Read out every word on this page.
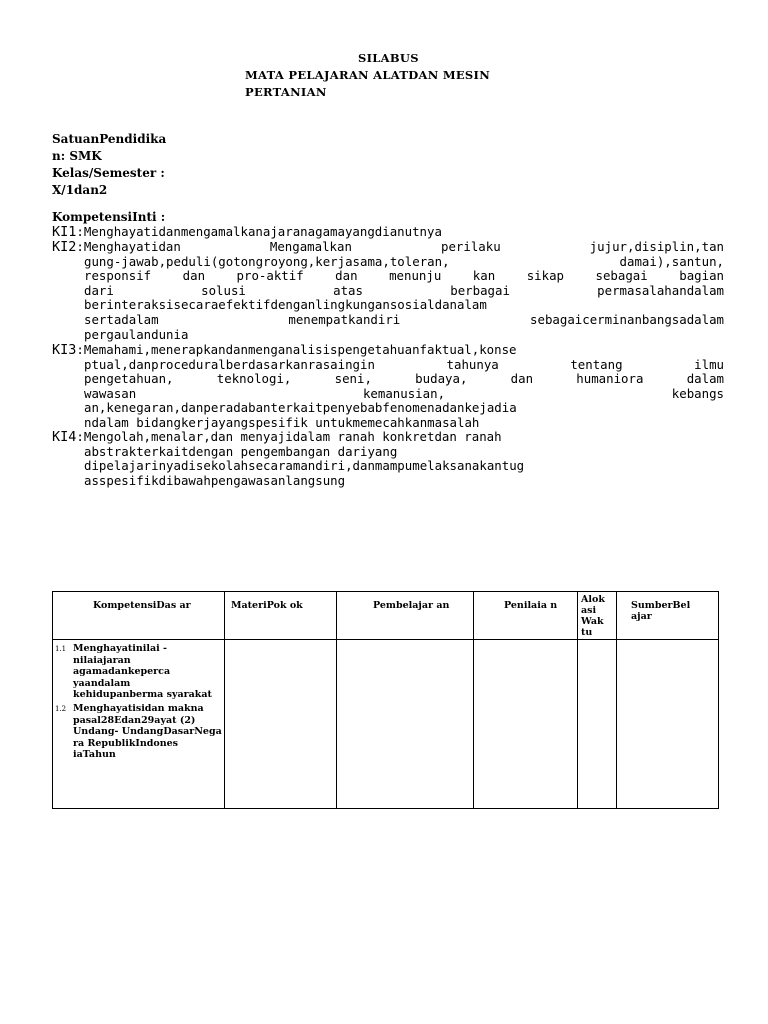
SILABUS
MATA PELAJARAN ALATDAN MESIN
PERTANIAN
SatuanPendidika
n: SMK
Kelas/Semester :
X/1dan2
KompetensiInti :
KI1:Menghayatidanmengamalkanajaranagamayangdianutnya
KI2:Menghayatidan Mengamalkan perilaku jujur,disiplin,tan
gung-jawab,peduli(gotongroyong,kerjasama,toleran, damai),santun,
responsif dan pro-aktif dan menunju kan sikap sebagai bagian
dari solusi atas berbagai permasalahandalam
berinteraksisecaraefektifdenganlingkungansosialdanalam
sertadalam menempatkandiri sebagaicerminanbangsadalam
pergaulandunia
KI3:Memahami,menerapkandanmenganalisispengetahuanfaktual,konse
ptual,danproceduralberdasarkanrasaingin tahunya tentang ilmu
pengetahuan, teknologi, seni, budaya, dan humaniora dalam
wawasan kemanusian, kebangs
an,kenegaran,danperadabanterkaitpenyebabfenomenadankejadia
ndalam bidangkerjayangspesifik untukmemecahkanmasalah
KI4:Mengolah,menalar,dan menyajidalam ranah konkretdan ranah
abstrakterkaitdengan pengembangan dariyang
dipelajarinyadisekolahsecaramandiri,danmampumelaksanakantug
asspesifikdibawahpengawasanlangsung
KompetensiDas ar	MateriPok ok	Pembelajar an	Penilaia n	Alok asi Wak tu	SumberBel ajar

1.1 Menghayatinilai -nilaiajaran agamadankeperca yaandalam kehidupanberma syarakat
1.2 Menghayatisidan makna pasal28Edan29ayat (2) Undang- UndangDasarNega ra RepublikIndones iaTahun					
